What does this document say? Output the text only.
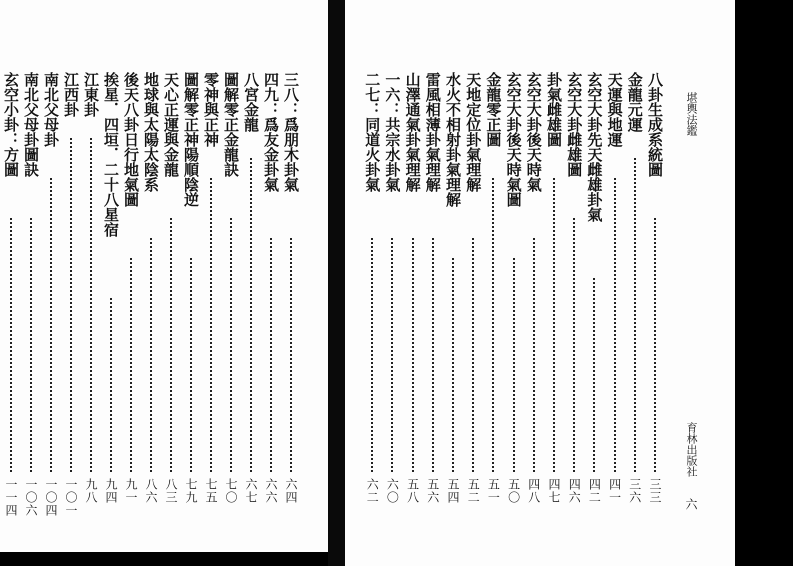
三八：爲朋木卦氣
六四
四九：爲友金卦氣
六六
八宮金龍
六七
圖解零正金龍訣
七〇
零神與正神
七五
圖解零正神陽順陰逆
七九
天心正運與金龍
八三
地球與太陽太陰系
八六
後天八卦日行地氣圖
九一
挨星．四垣．二十八星宿
九四
江東卦
九八
江西卦
一〇一
南北父母卦
一〇四
南北父母卦圖訣
一〇六
玄空小卦：方圖
一一四
堪輿法鑑
育林出版社
六
八卦生成系統圖
三三
金龍元運
三六
天運與地運
四一
玄空大卦先天雌雄卦氣
四二
玄空大卦雌雄圖
四六
卦氣雌雄圖
四七
玄空大卦後天時氣
四八
玄空大卦後天時氣圖
五〇
金龍零正圖
五一
天地定位卦氣理解
五二
水火不相射卦氣理解
五四
雷風相薄卦氣理解
五六
山澤通氣卦氣理解
五八
一六：共宗水卦氣
六〇
二七：同道火卦氣
六二
